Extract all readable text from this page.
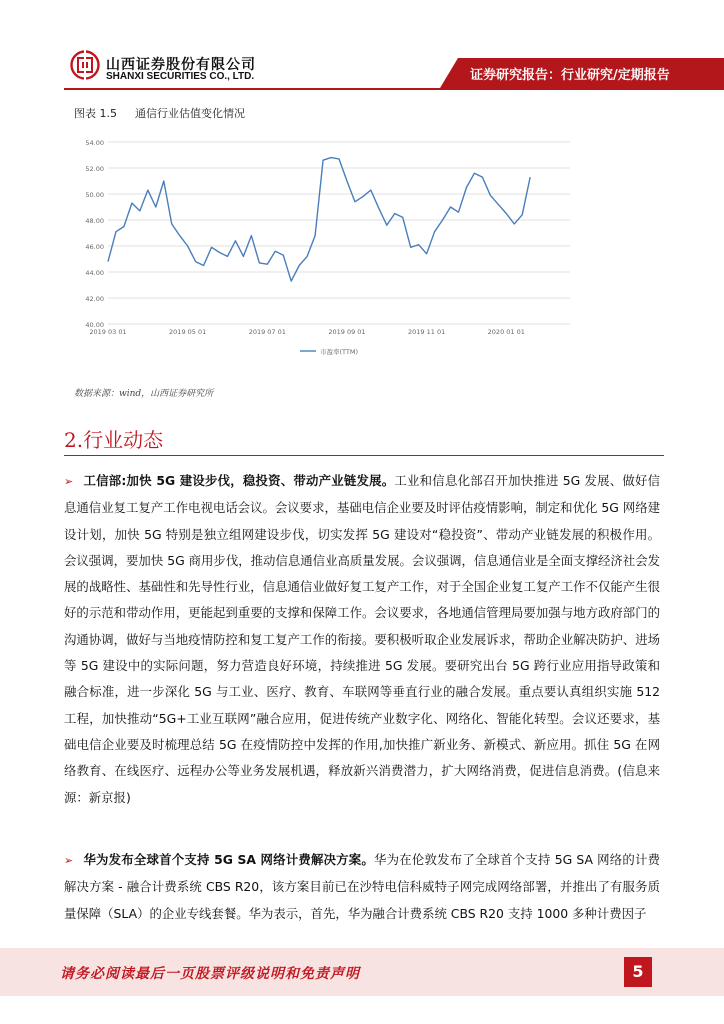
山西证券股份有限公司
SHANXI SECURITIES CO., LTD.	证券研究报告：行业研究/定期报告
图表 1.5 通信行业估值变化情况
40.00
42.00
44.00
46.00
48.00
50.00
52.00
54.00
2019 03 01	2019 05 01	2019 07 01	2019 09 01	2019 11 01	2020 01 01
市盈率(TTM)
数据来源：wind，山西证券研究所
2.行业动态
➢ 工信部:加快 5G 建设步伐，稳投资、带动产业链发展。工业和信息化部召开加快推进 5G 发展、做好信息通信业复工复产工作电视电话会议。会议要求，基础电信企业要及时评估疫情影响，制定和优化 5G 网络建设计划，加快 5G 特别是独立组网建设步伐，切实发挥 5G 建设对“稳投资”、带动产业链发展的积极作用。会议强调，要加快 5G 商用步伐，推动信息通信业高质量发展。会议强调，信息通信业是全面支撑经济社会发展的战略性、基础性和先导性行业，信息通信业做好复工复产工作，对于全国企业复工复产工作不仅能产生很好的示范和带动作用，更能起到重要的支撑和保障工作。会议要求，各地通信管理局要加强与地方政府部门的沟通协调，做好与当地疫情防控和复工复产工作的衔接。要积极听取企业发展诉求，帮助企业解决防护、进场等 5G 建设中的实际问题，努力营造良好环境，持续推进 5G 发展。要研究出台 5G 跨行业应用指导政策和融合标准，进一步深化 5G 与工业、医疗、教育、车联网等垂直行业的融合发展。重点要认真组织实施 512 工程，加快推动“5G+工业互联网”融合应用，促进传统产业数字化、网络化、智能化转型。会议还要求，基础电信企业要及时梳理总结 5G 在疫情防控中发挥的作用,加快推广新业务、新模式、新应用。抓住 5G 在网络教育、在线医疗、远程办公等业务发展机遇，释放新兴消费潜力，扩大网络消费，促进信息消费。(信息来源：新京报)
➢ 华为发布全球首个支持 5G SA 网络计费解决方案。华为在伦敦发布了全球首个支持 5G SA 网络的计费解决方案 - 融合计费系统 CBS R20，该方案目前已在沙特电信科威特子网完成网络部署，并推出了有服务质量保障（SLA）的企业专线套餐。华为表示，首先，华为融合计费系统 CBS R20 支持 1000 多种计费因子
请务必阅读最后一页股票评级说明和免责声明	5
